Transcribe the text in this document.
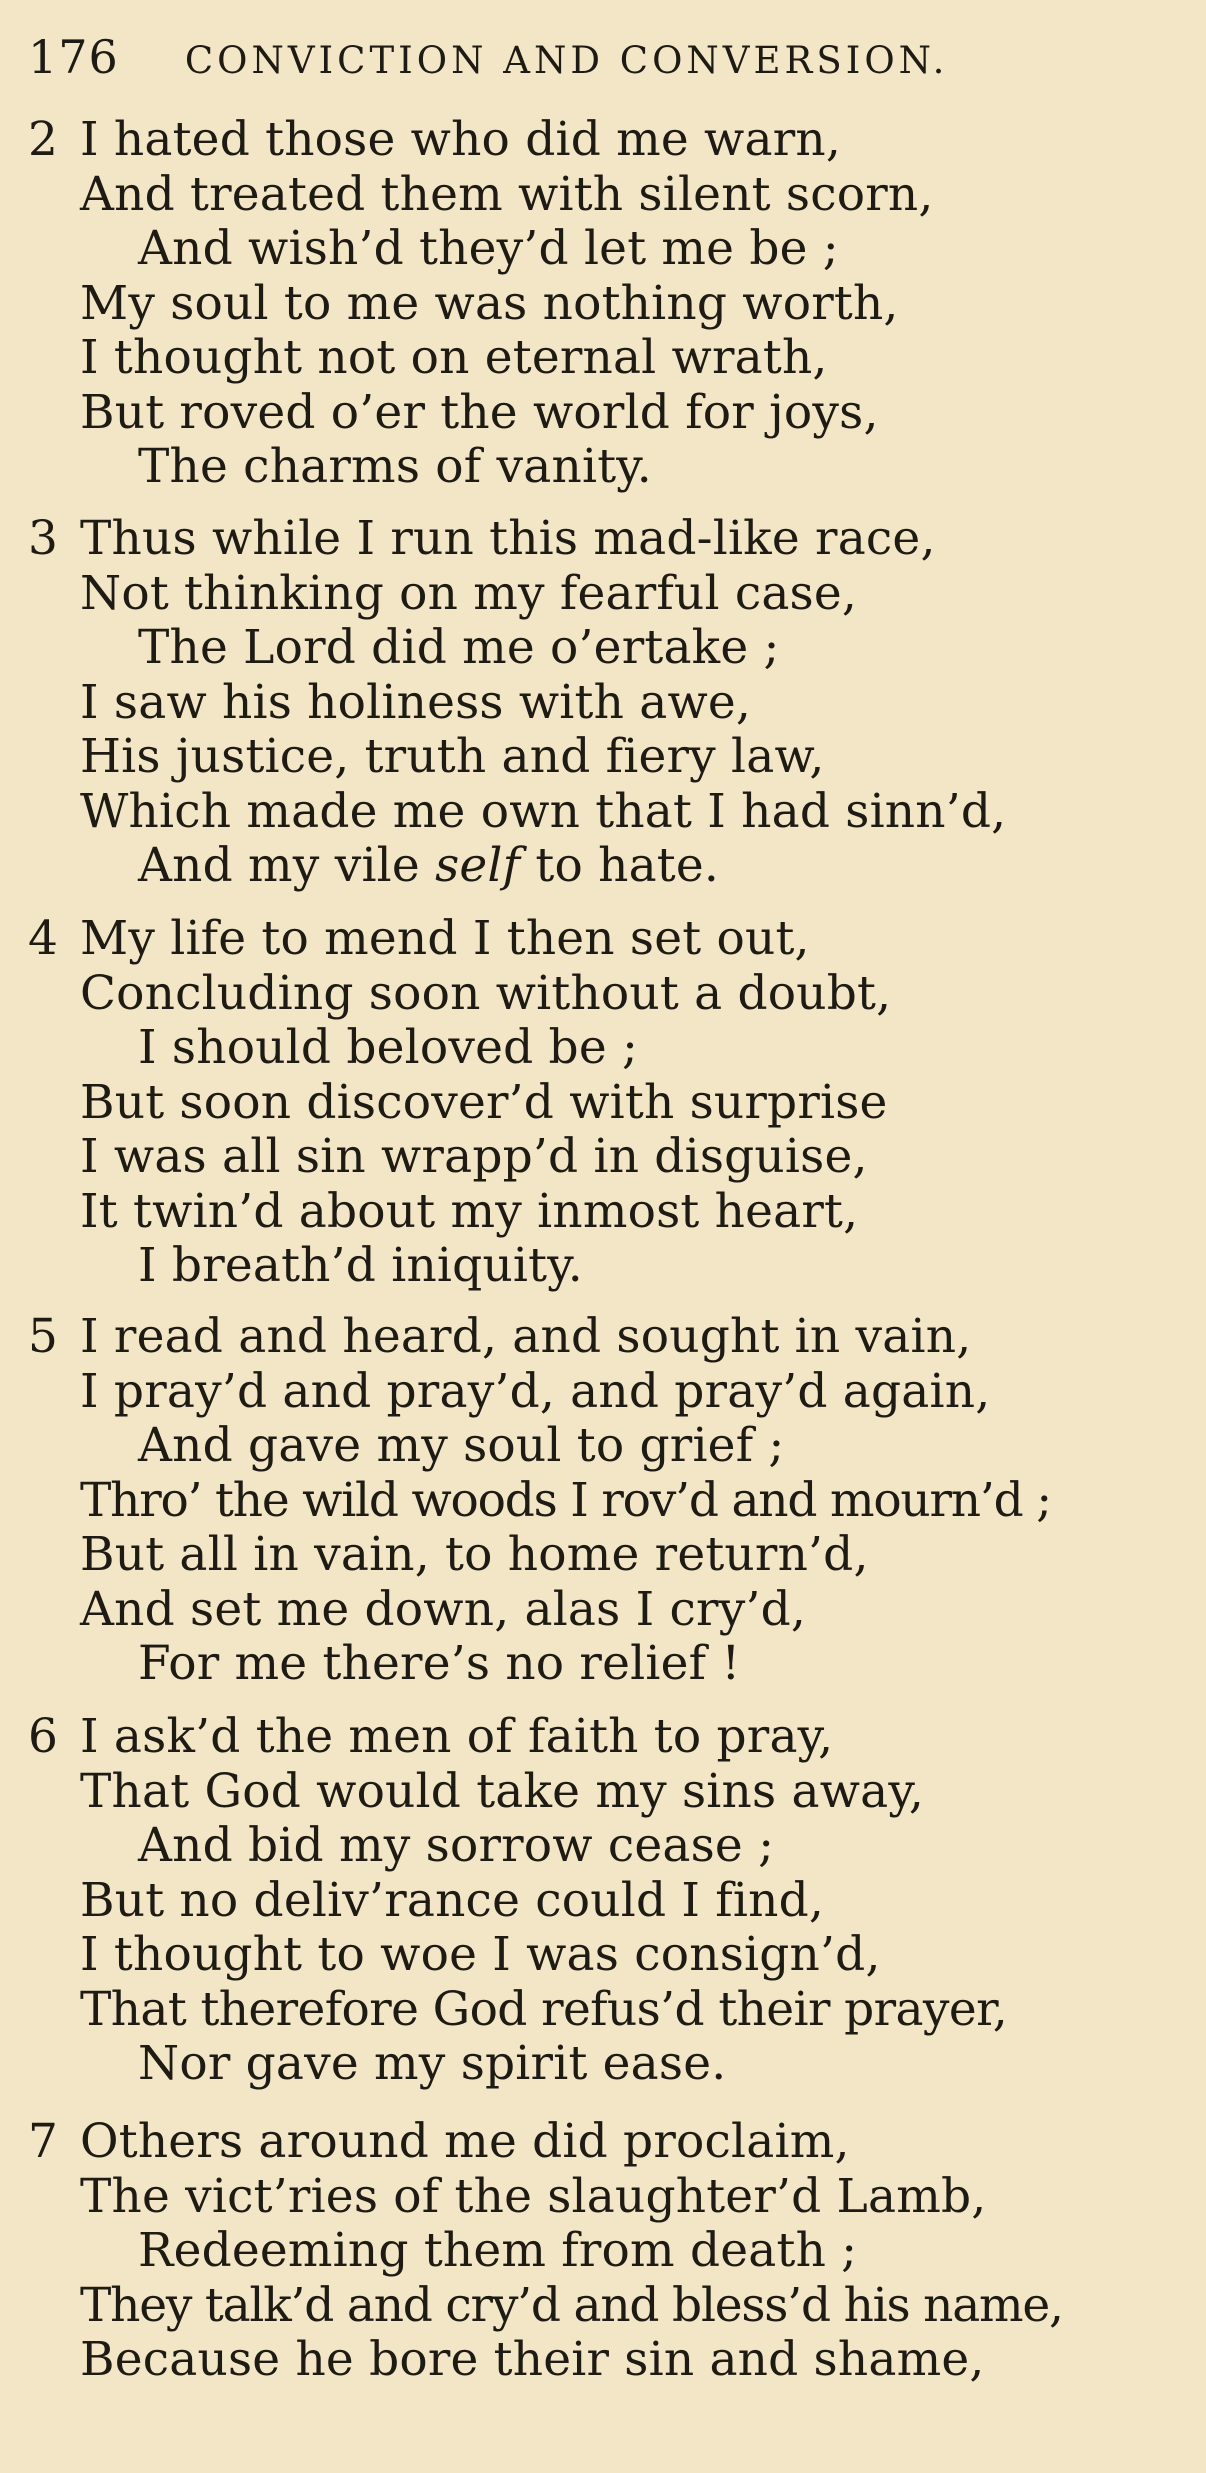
176 CONVICTION AND CONVERSION.
2 I hated those who did me warn,
And treated them with silent scorn,
And wish’d they’d let me be ;
My soul to me was nothing worth,
I thought not on eternal wrath,
But roved o’er the world for joys,
The charms of vanity.
3 Thus while I run this mad-like race,
Not thinking on my fearful case,
The Lord did me o’ertake ;
I saw his holiness with awe,
His justice, truth and fiery law,
Which made me own that I had sinn’d,
And my vile self to hate.
4 My life to mend I then set out,
Concluding soon without a doubt,
I should beloved be ;
But soon discover’d with surprise
I was all sin wrapp’d in disguise,
It twin’d about my inmost heart,
I breath’d iniquity.
5 I read and heard, and sought in vain,
I pray’d and pray’d, and pray’d again,
And gave my soul to grief ;
Thro’ the wild woods I rov’d and mourn’d ;
But all in vain, to home return’d,
And set me down, alas I cry’d,
For me there’s no relief !
6 I ask’d the men of faith to pray,
That God would take my sins away,
And bid my sorrow cease ;
But no deliv’rance could I find,
I thought to woe I was consign’d,
That therefore God refus’d their prayer,
Nor gave my spirit ease.
7 Others around me did proclaim,
The vict’ries of the slaughter’d Lamb,
Redeeming them from death ;
They talk’d and cry’d and bless’d his name,
Because he bore their sin and shame,
